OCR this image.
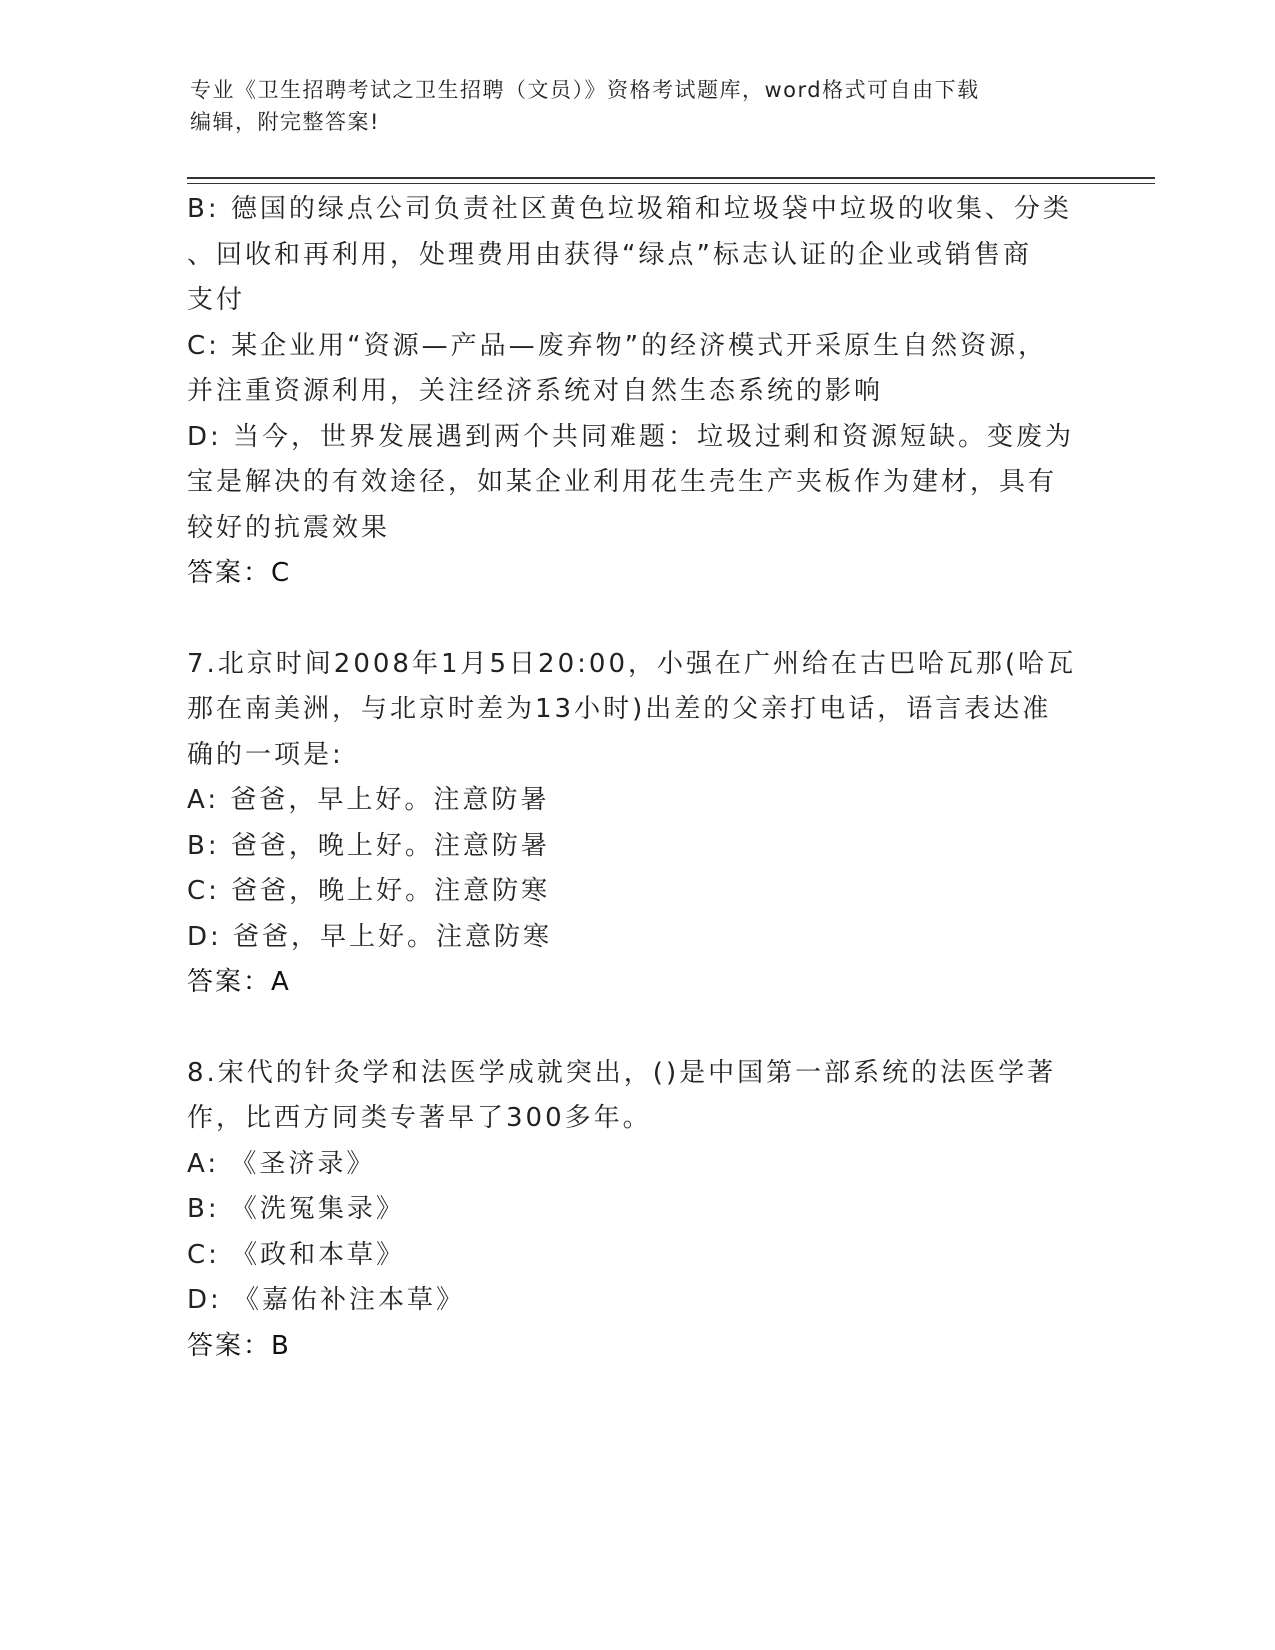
专业《卫生招聘考试之卫生招聘（文员）》资格考试题库，word格式可自由下载
编辑，附完整答案!
B: 德国的绿点公司负责社区黄色垃圾箱和垃圾袋中垃圾的收集、分类
、回收和再利用，处理费用由获得“绿点”标志认证的企业或销售商
支付
C: 某企业用“资源—产品—废弃物”的经济模式开采原生自然资源，
并注重资源利用，关注经济系统对自然生态系统的影响
D: 当今，世界发展遇到两个共同难题：垃圾过剩和资源短缺。变废为
宝是解决的有效途径，如某企业利用花生壳生产夹板作为建材，具有
较好的抗震效果
答案：C
7.北京时间2008年1月5日20:00，小强在广州给在古巴哈瓦那(哈瓦
那在南美洲，与北京时差为13小时)出差的父亲打电话，语言表达准
确的一项是:
A: 爸爸，早上好。注意防暑
B: 爸爸，晚上好。注意防暑
C: 爸爸，晚上好。注意防寒
D: 爸爸，早上好。注意防寒
答案：A
8.宋代的针灸学和法医学成就突出，()是中国第一部系统的法医学著
作，比西方同类专著早了300多年。
A: 《圣济录》
B: 《洗冤集录》
C: 《政和本草》
D: 《嘉佑补注本草》
答案：B
